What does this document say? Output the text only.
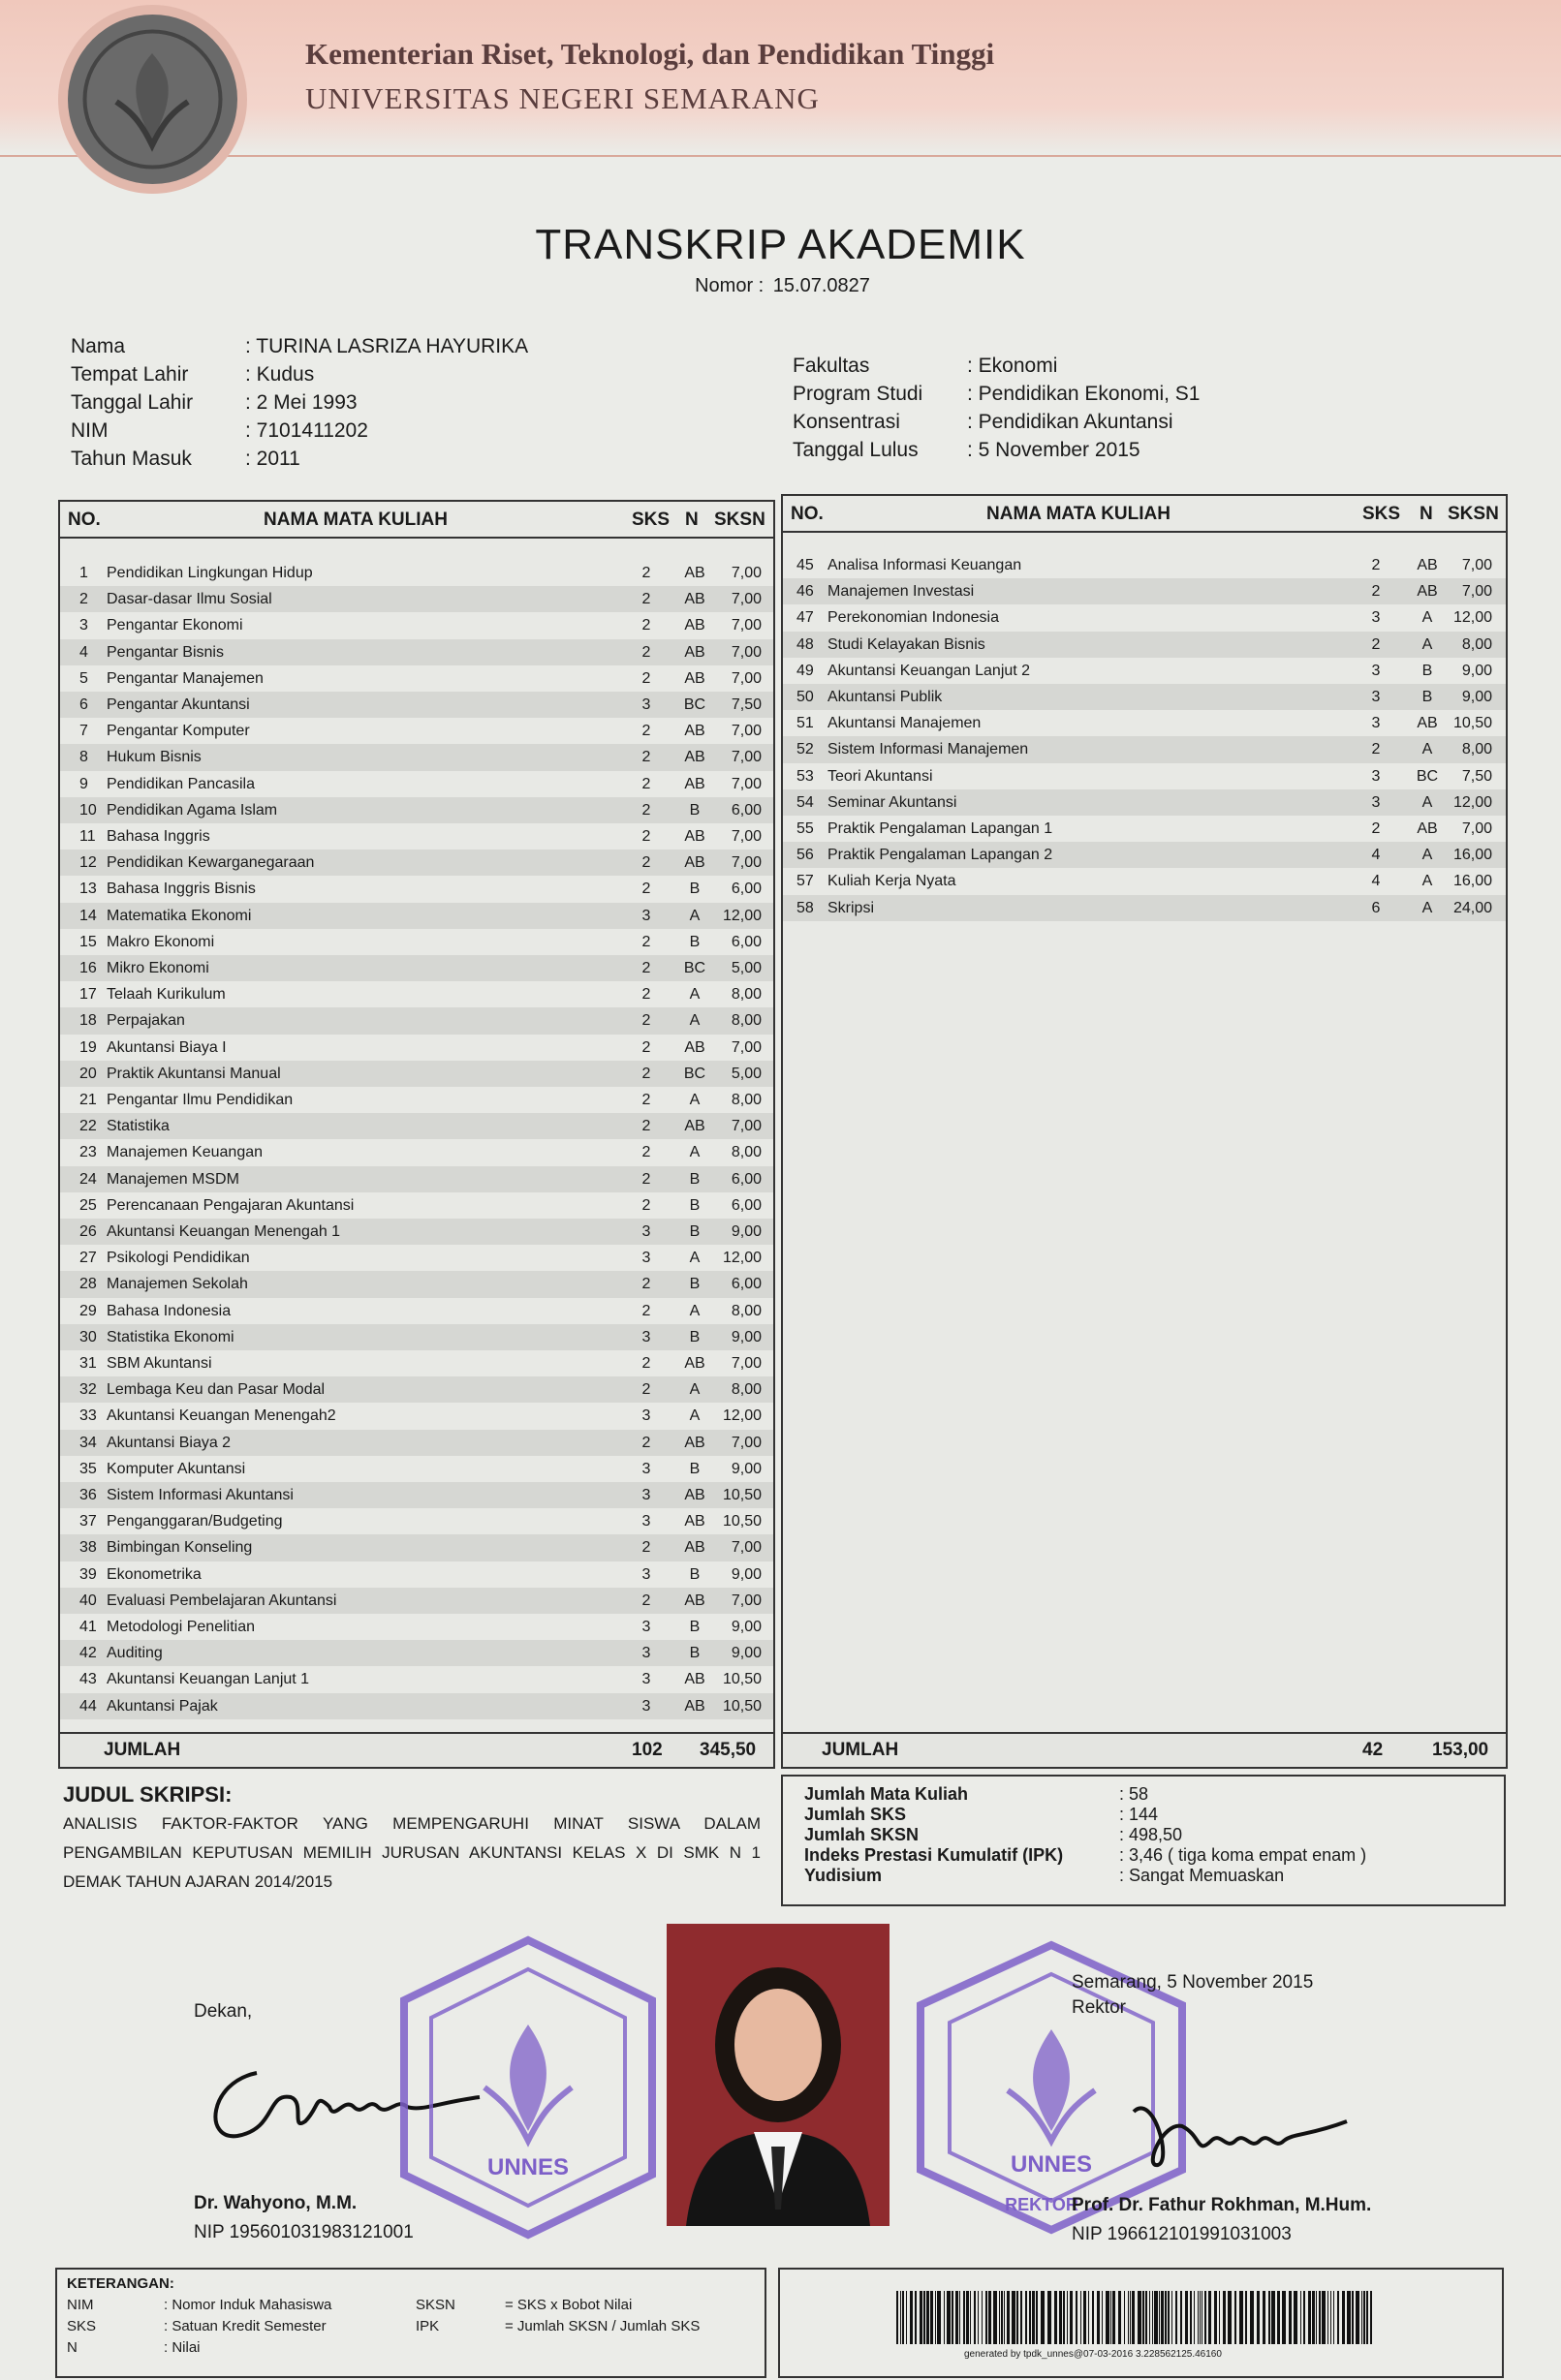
Kementerian Riset, Teknologi, dan Pendidikan Tinggi
UNIVERSITAS NEGERI SEMARANG
TRANSKRIP AKADEMIK
Nomor : 15.07.0827
Nama	: TURINA LASRIZA HAYURIKA
Tempat Lahir	: Kudus
Tanggal Lahir	: 2 Mei 1993
NIM	: 7101411202
Tahun Masuk	: 2011
Fakultas	: Ekonomi
Program Studi	: Pendidikan Ekonomi, S1
Konsentrasi	: Pendidikan Akuntansi
Tanggal Lulus	: 5 November 2015
NO.	NAMA MATA KULIAH	SKS N SKSN
1 Pendidikan Lingkungan Hidup	2	AB 7,00
2 Dasar-dasar Ilmu Sosial	2	AB 7,00
3 Pengantar Ekonomi	2	AB 7,00
4 Pengantar Bisnis	2	AB 7,00
5 Pengantar Manajemen	2	AB 7,00
6 Pengantar Akuntansi	3	BC 7,50
7 Pengantar Komputer	2	AB 7,00
8 Hukum Bisnis	2	AB 7,00
9 Pendidikan Pancasila	2	AB 7,00
10 Pendidikan Agama Islam	2	B	6,00
11 Bahasa Inggris	2	AB 7,00
12 Pendidikan Kewarganegaraan	2	AB 7,00
13 Bahasa Inggris Bisnis	2	B	6,00
14 Matematika Ekonomi	3	A	12,00
15 Makro Ekonomi	2	B	6,00
16 Mikro Ekonomi	2	BC 5,00
17 Telaah Kurikulum	2	A	8,00
18 Perpajakan	2	A	8,00
19 Akuntansi Biaya I	2	AB 7,00
20 Praktik Akuntansi Manual	2	BC 5,00
21 Pengantar Ilmu Pendidikan	2	A	8,00
22 Statistika	2	AB 7,00
23 Manajemen Keuangan	2	A	8,00
24 Manajemen MSDM	2	B	6,00
25 Perencanaan Pengajaran Akuntansi	2	B	6,00
26 Akuntansi Keuangan Menengah 1	3	B	9,00
27 Psikologi Pendidikan	3	A	12,00
28 Manajemen Sekolah	2	B	6,00
29 Bahasa Indonesia	2	A	8,00
30 Statistika Ekonomi	3	B	9,00
31 SBM Akuntansi	2	AB 7,00
32 Lembaga Keu dan Pasar Modal	2	A	8,00
33 Akuntansi Keuangan Menengah2	3	A	12,00
34 Akuntansi Biaya 2	2	AB 7,00
35 Komputer Akuntansi	3	B	9,00
36 Sistem Informasi Akuntansi	3	AB 10,50
37 Penganggaran/Budgeting	3	AB 10,50
38 Bimbingan Konseling	2	AB 7,00
39 Ekonometrika	3	B	9,00
40 Evaluasi Pembelajaran Akuntansi	2	AB 7,00
41 Metodologi Penelitian	3	B	9,00
42 Auditing	3	B	9,00
43 Akuntansi Keuangan Lanjut 1	3	AB 10,50
44 Akuntansi Pajak	3	AB 10,50
JUMLAH	102 345,50
NO.	NAMA MATA KULIAH	SKS N SKSN
45 Analisa Informasi Keuangan	2	AB 7,00
46 Manajemen Investasi	2	AB 7,00
47 Perekonomian Indonesia	3	A	12,00
48 Studi Kelayakan Bisnis	2	A	8,00
49 Akuntansi Keuangan Lanjut 2	3	B	9,00
50 Akuntansi Publik	3	B	9,00
51 Akuntansi Manajemen	3	AB 10,50
52 Sistem Informasi Manajemen	2	A	8,00
53 Teori Akuntansi	3	BC 7,50
54 Seminar Akuntansi	3	A	12,00
55 Praktik Pengalaman Lapangan 1	2	AB 7,00
56 Praktik Pengalaman Lapangan 2	4	A	16,00
57 Kuliah Kerja Nyata	4	A	16,00
58 Skripsi	6	A	24,00
JUMLAH	42	153,00
JUDUL SKRIPSI:
ANALISIS FAKTOR-FAKTOR YANG MEMPENGARUHI MINAT SISWA DALAM PENGAMBILAN KEPUTUSAN MEMILIH JURUSAN AKUNTANSI KELAS X DI SMK N 1 DEMAK TAHUN AJARAN 2014/2015
Jumlah Mata Kuliah	: 58
Jumlah SKS	: 144
Jumlah SKSN	: 498,50
Indeks Prestasi Kumulatif (IPK)	: 3,46 ( tiga koma empat enam )
Yudisium	: Sangat Memuaskan
Dekan,
Dr. Wahyono, M.M.
NIP 195601031983121001
UNNES	UNNES
REKTOR
Semarang, 5 November 2015
Rektor
Prof. Dr. Fathur Rokhman, M.Hum.
NIP 196612101991031003
KETERANGAN:
NIM	: Nomor Induk Mahasiswa
SKS	: Satuan Kredit Semester
N	: Nilai
SKSN	= SKS x Bobot Nilai
IPK	= Jumlah SKSN / Jumlah SKS
generated by tpdk_unnes@07-03-2016 3.228562125.46160
